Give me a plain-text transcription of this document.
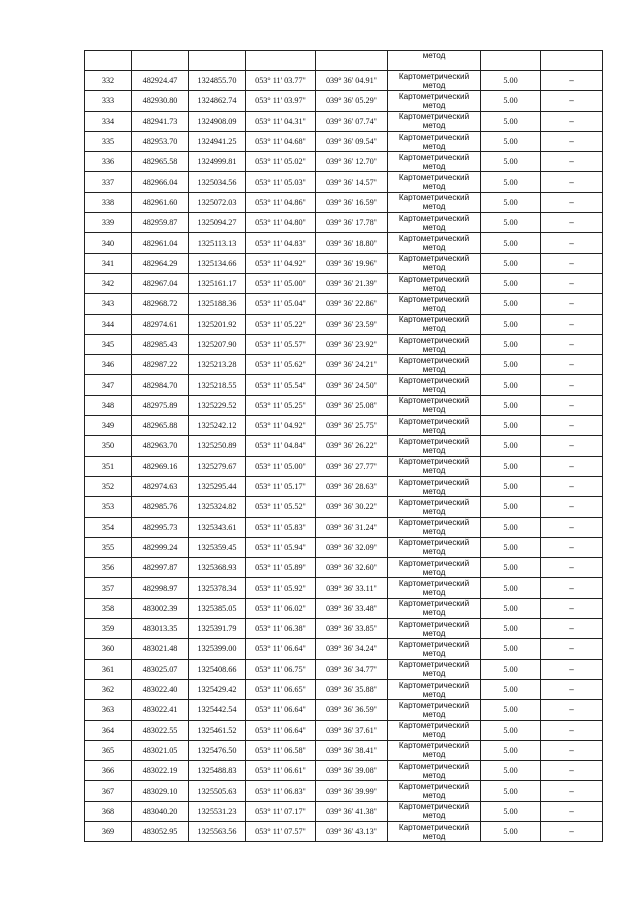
					метод		

332	482924.47	1324855.70	053° 11' 03.77"	039° 36' 04.91"	Картометрический
метод	5.00	–
333	482930.80	1324862.74	053° 11' 03.97"	039° 36' 05.29"	Картометрический
метод	5.00	–
334	482941.73	1324908.09	053° 11' 04.31"	039° 36' 07.74"	Картометрический
метод	5.00	–
335	482953.70	1324941.25	053° 11' 04.68"	039° 36' 09.54"	Картометрический
метод	5.00	–
336	482965.58	1324999.81	053° 11' 05.02"	039° 36' 12.70"	Картометрический
метод	5.00	–
337	482966.04	1325034.56	053° 11' 05.03"	039° 36' 14.57"	Картометрический
метод	5.00	–
338	482961.60	1325072.03	053° 11' 04.86"	039° 36' 16.59"	Картометрический
метод	5.00	–
339	482959.87	1325094.27	053° 11' 04.80"	039° 36' 17.78"	Картометрический
метод	5.00	–
340	482961.04	1325113.13	053° 11' 04.83"	039° 36' 18.80"	Картометрический
метод	5.00	–
341	482964.29	1325134.66	053° 11' 04.92"	039° 36' 19.96"	Картометрический
метод	5.00	–
342	482967.04	1325161.17	053° 11' 05.00"	039° 36' 21.39"	Картометрический
метод	5.00	–
343	482968.72	1325188.36	053° 11' 05.04"	039° 36' 22.86"	Картометрический
метод	5.00	–
344	482974.61	1325201.92	053° 11' 05.22"	039° 36' 23.59"	Картометрический
метод	5.00	–
345	482985.43	1325207.90	053° 11' 05.57"	039° 36' 23.92"	Картометрический
метод	5.00	–
346	482987.22	1325213.28	053° 11' 05.62"	039° 36' 24.21"	Картометрический
метод	5.00	–
347	482984.70	1325218.55	053° 11' 05.54"	039° 36' 24.50"	Картометрический
метод	5.00	–
348	482975.89	1325229.52	053° 11' 05.25"	039° 36' 25.08"	Картометрический
метод	5.00	–
349	482965.88	1325242.12	053° 11' 04.92"	039° 36' 25.75"	Картометрический
метод	5.00	–
350	482963.70	1325250.89	053° 11' 04.84"	039° 36' 26.22"	Картометрический
метод	5.00	–
351	482969.16	1325279.67	053° 11' 05.00"	039° 36' 27.77"	Картометрический
метод	5.00	–
352	482974.63	1325295.44	053° 11' 05.17"	039° 36' 28.63"	Картометрический
метод	5.00	–
353	482985.76	1325324.82	053° 11' 05.52"	039° 36' 30.22"	Картометрический
метод	5.00	–
354	482995.73	1325343.61	053° 11' 05.83"	039° 36' 31.24"	Картометрический
метод	5.00	–
355	482999.24	1325359.45	053° 11' 05.94"	039° 36' 32.09"	Картометрический
метод	5.00	–
356	482997.87	1325368.93	053° 11' 05.89"	039° 36' 32.60"	Картометрический
метод	5.00	–
357	482998.97	1325378.34	053° 11' 05.92"	039° 36' 33.11"	Картометрический
метод	5.00	–
358	483002.39	1325385.05	053° 11' 06.02"	039° 36' 33.48"	Картометрический
метод	5.00	–
359	483013.35	1325391.79	053° 11' 06.38"	039° 36' 33.85"	Картометрический
метод	5.00	–
360	483021.48	1325399.00	053° 11' 06.64"	039° 36' 34.24"	Картометрический
метод	5.00	–
361	483025.07	1325408.66	053° 11' 06.75"	039° 36' 34.77"	Картометрический
метод	5.00	–
362	483022.40	1325429.42	053° 11' 06.65"	039° 36' 35.88"	Картометрический
метод	5.00	–
363	483022.41	1325442.54	053° 11' 06.64"	039° 36' 36.59"	Картометрический
метод	5.00	–
364	483022.55	1325461.52	053° 11' 06.64"	039° 36' 37.61"	Картометрический
метод	5.00	–
365	483021.05	1325476.50	053° 11' 06.58"	039° 36' 38.41"	Картометрический
метод	5.00	–
366	483022.19	1325488.83	053° 11' 06.61"	039° 36' 39.08"	Картометрический
метод	5.00	–
367	483029.10	1325505.63	053° 11' 06.83"	039° 36' 39.99"	Картометрический
метод	5.00	–
368	483040.20	1325531.23	053° 11' 07.17"	039° 36' 41.38"	Картометрический
метод	5.00	–
369	483052.95	1325563.56	053° 11' 07.57"	039° 36' 43.13"	Картометрический
метод	5.00	–
